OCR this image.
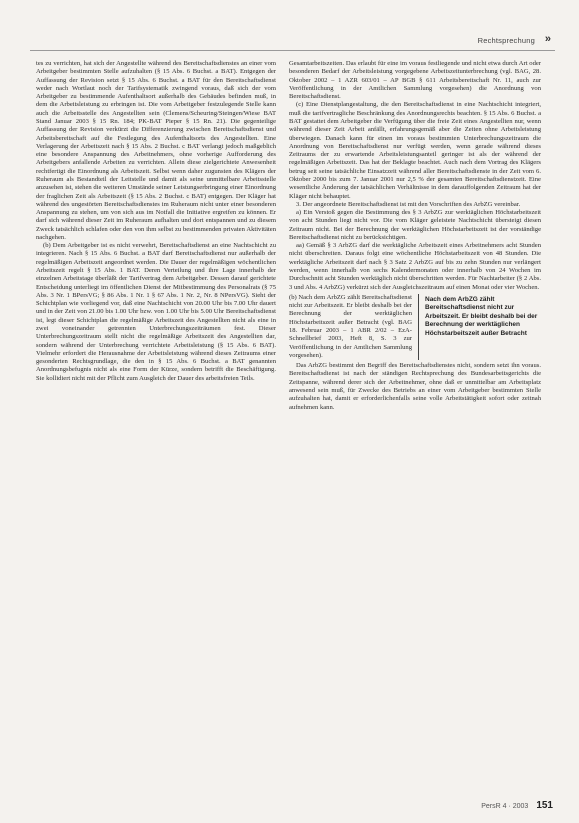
Rechtsprechung »

tes zu verrichten, hat sich der Angestellte während des Bereitschaftsdienstes an einer vom Arbeitgeber bestimmten Stelle aufzuhalten (§ 15 Abs. 6 Buchst. a BAT). Entgegen der Auffassung der Revision setzt § 15 Abs. 6 Buchst. a BAT für den Bereitschaftsdienst weder nach Wortlaut noch der Tarifsystematik zwingend voraus, daß sich der vom Arbeitgeber zu bestimmende Aufenthaltsort außerhalb des Gebäudes befinden muß, in dem die Arbeitsleistung zu erbringen ist. Die vom Arbeitgeber festzulegende Stelle kann auch die Arbeitsstelle des Angestellten sein (Clemens/Scheuring/Steingen/Wiese BAT Stand Januar 2003 § 15 Rn. 184; PK-BAT Pieper § 15 Rn. 21). Die gegenteilige Auffassung der Revision verkürzt die Differenzierung zwischen Bereitschaftsdienst und Arbeitsbereitschaft auf die Festlegung des Aufenthaltsorts des Angestellten. Eine Verlagerung der Arbeitszeit nach § 15 Abs. 2 Buchst. c BAT verlangt jedoch maßgeblich eine besondere Anspannung des Arbeitnehmers, ohne vorherige Aufforderung des Arbeitgebers anfallende Arbeiten zu verrichten. Allein diese zielgerichtete Anwesenheit rechtfertigt die Einordnung als Arbeitszeit. Selbst wenn daher zugunsten des Klägers der Ruheraum als Bestandteil der Leitstelle und damit als seine unmittelbare Arbeitsstelle anzusehen ist, stehen die weiteren Umstände seiner Leistungserbringung einer Einordnung der fraglichen Zeit als Arbeitszeit (§ 15 Abs. 2 Buchst. c BAT) entgegen. Der Kläger hat während des ungestörten Bereitschaftsdienstes im Ruheraum nicht unter einer besonderen Anspannung zu stehen, um von sich aus im Notfall die Initiative ergreifen zu können. Er darf sich während dieser Zeit im Ruheraum aufhalten und dort entspannen und zu diesem Zweck tatsächlich schlafen oder den von ihm selbst zu bestimmenden privaten Aktivitäten nachgehen.

(b) Dem Arbeitgeber ist es nicht verwehrt, Bereitschaftsdienst an eine Nachtschicht zu integrieren. Nach § 15 Abs. 6 Buchst. a BAT darf Bereitschaftsdienst nur außerhalb der regelmäßigen Arbeitszeit angeordnet werden. Die Dauer der regelmäßigen wöchentlichen Arbeitszeit regelt § 15 Abs. 1 BAT. Deren Verteilung und ihre Lage innerhalb der einzelnen Arbeitstage überläßt der Tarifvertrag dem Arbeitgeber. Dessen darauf gerichtete Entscheidung unterliegt im öffentlichen Dienst der Mitbestimmung des Personalrats (§ 75 Abs. 3 Nr. 1 BPersVG; § 86 Abs. 1 Nr. 1 § 67 Abs. 1 Nr. 2, Nr. 8 NPersVG). Sieht der Schichtplan wie vorliegend vor, daß eine Nachtschicht von 20.00 Uhr bis 7.00 Uhr dauert und in der Zeit von 21.00 bis 1.00 Uhr bzw. von 1.00 Uhr bis 5.00 Uhr Bereitschaftsdienst ist, legt dieser Schichtplan die regelmäßige Arbeitszeit des Angestellten nicht als eine in zwei voneinander getrennten Unterbrechungszeiträumen fest. Dieser Unterbrechungszeitraum stellt nicht die regelmäßige Arbeitszeit des Angestellten dar, sondern während der Unterbrechung verrichtete Arbeitsleistung (§ 15 Abs. 6 BAT). Vielmehr erfordert die Herausnahme der Arbeitsleistung während dieses Zeitraums einer gesonderten Rechtsgrundlage, die den in § 15 Abs. 6 Buchst. a BAT genannten Anordnungsbefugnis nicht als eine Form der Kürze, sondern betrifft die Beschäftigung. Sie kollidiert nicht mit der Pflicht zum Ausgleich der Dauer des arbeitsfreien Teils.

Gesamtarbeitszeiten. Das erlaubt für eine im voraus festliegende und nicht etwa durch Art oder besonderen Bedarf der Arbeitsleistung vorgegebene Arbeitszeitunterbrechung (vgl. BAG, 28. Oktober 2002 – 1 AZR 603/01 – AP BGB § 611 Arbeitsbereitschaft Nr. 11, auch zur Veröffentlichung in der Amtlichen Sammlung vorgesehen) die Anordnung von Bereitschaftsdienst.

(c) Eine Dienstplangestaltung, die den Bereitschaftsdienst in eine Nachtschicht integriert, muß die tarifvertragliche Beschränkung des Anordnungsrechts beachten. § 15 Abs. 6 Buchst. a BAT gestattet dem Arbeitgeber die Verfügung über die freie Zeit eines Angestellten nur, wenn während dieser Zeit Arbeit anfällt, erfahrungsgemäß aber die Zeiten ohne Arbeitsleistung überwiegen. Danach kann für einen im voraus bestimmten Unterbrechungszeitraum die Anordnung von Bereitschaftsdienst nur verfügt werden, wenn gerade während dieses Zeitraums der zu erwartende Arbeitsleistungsanteil geringer ist als der während der regelmäßigen Arbeitszeit. Das hat der Beklagte beachtet. Auch nach dem Vortrag des Klägers betrug seit seine tatsächliche Einsatzzeit während aller Bereitschaftsdienste in der Zeit vom 6. Oktober 2000 bis zum 7. Januar 2001 nur 2,5 % der gesamten Bereitschaftsdienstzeit. Eine wesentliche Änderung der tatsächlichen Verhältnisse in dem darauffolgenden Zeitraum hat der Kläger nicht behauptet.

3. Der angeordnete Bereitschaftsdienst ist mit den Vorschriften des ArbZG vereinbar.

a) Ein Verstoß gegen die Bestimmung des § 3 ArbZG zur werktäglichen Höchstarbeitszeit von acht Stunden liegt nicht vor. Die vom Kläger geleistete Nachtschicht übersteigt diesen Zeitraum nicht. Bei der Berechnung der werktäglichen Höchstarbeitszeit ist der vorständige Bereitschaftsdienst nicht zu berücksichtigen.

aa) Gemäß § 3 ArbZG darf die werktägliche Arbeitszeit eines Arbeitnehmers acht Stunden nicht überschreiten. Daraus folgt eine wöchentliche Höchstarbeitszeit von 48 Stunden. Die werktägliche Arbeitszeit darf nach § 3 Satz 2 ArbZG auf bis zu zehn Stunden nur verlängert werden, wenn innerhalb von sechs Kalendermonaten oder innerhalb von 24 Wochen im Durchschnitt acht Stunden werktäglich nicht überschritten werden. Für Nachtarbeiter (§ 2 Abs. 3 und Abs. 4 ArbZG) verkürzt sich der Ausgleichszeitraum auf einen Monat oder vier Wochen.

(b) Nach dem ArbZG zählt Bereitschaftsdienst nicht zur Arbeitszeit. Er bleibt deshalb bei der Berechnung der werktäglichen Höchstarbeitszeit außer Betracht (vgl. BAG 18. Februar 2003 – 1 ABR 2/02 – EzA-Schnellbrief 2003, Heft 8, S. 3 zur Veröffentlichung in der Amtlichen Sammlung vorgesehen).
Nach dem ArbZG zählt Bereitschaftsdienst nicht zur Arbeitszeit. Er bleibt deshalb bei der Berechnung der werktäglichen Höchstarbeitszeit außer Betracht

Das ArbZG bestimmt den Begriff des Bereitschaftsdienstes nicht, sondern setzt ihn voraus. Bereitschaftsdienst ist nach der ständigen Rechtsprechung des Bundesarbeitsgerichts die Zeitspanne, während derer sich der Arbeitnehmer, ohne daß er unmittelbar am Arbeitsplatz anwesend sein muß, für Zwecke des Betriebs an einer vom Arbeitgeber bestimmten Stelle aufzuhalten hat, damit er erforderlichenfalls seine volle Arbeitstätigkeit sofort oder zeitnah aufnehmen kann.

PersR 4 · 2003 151
